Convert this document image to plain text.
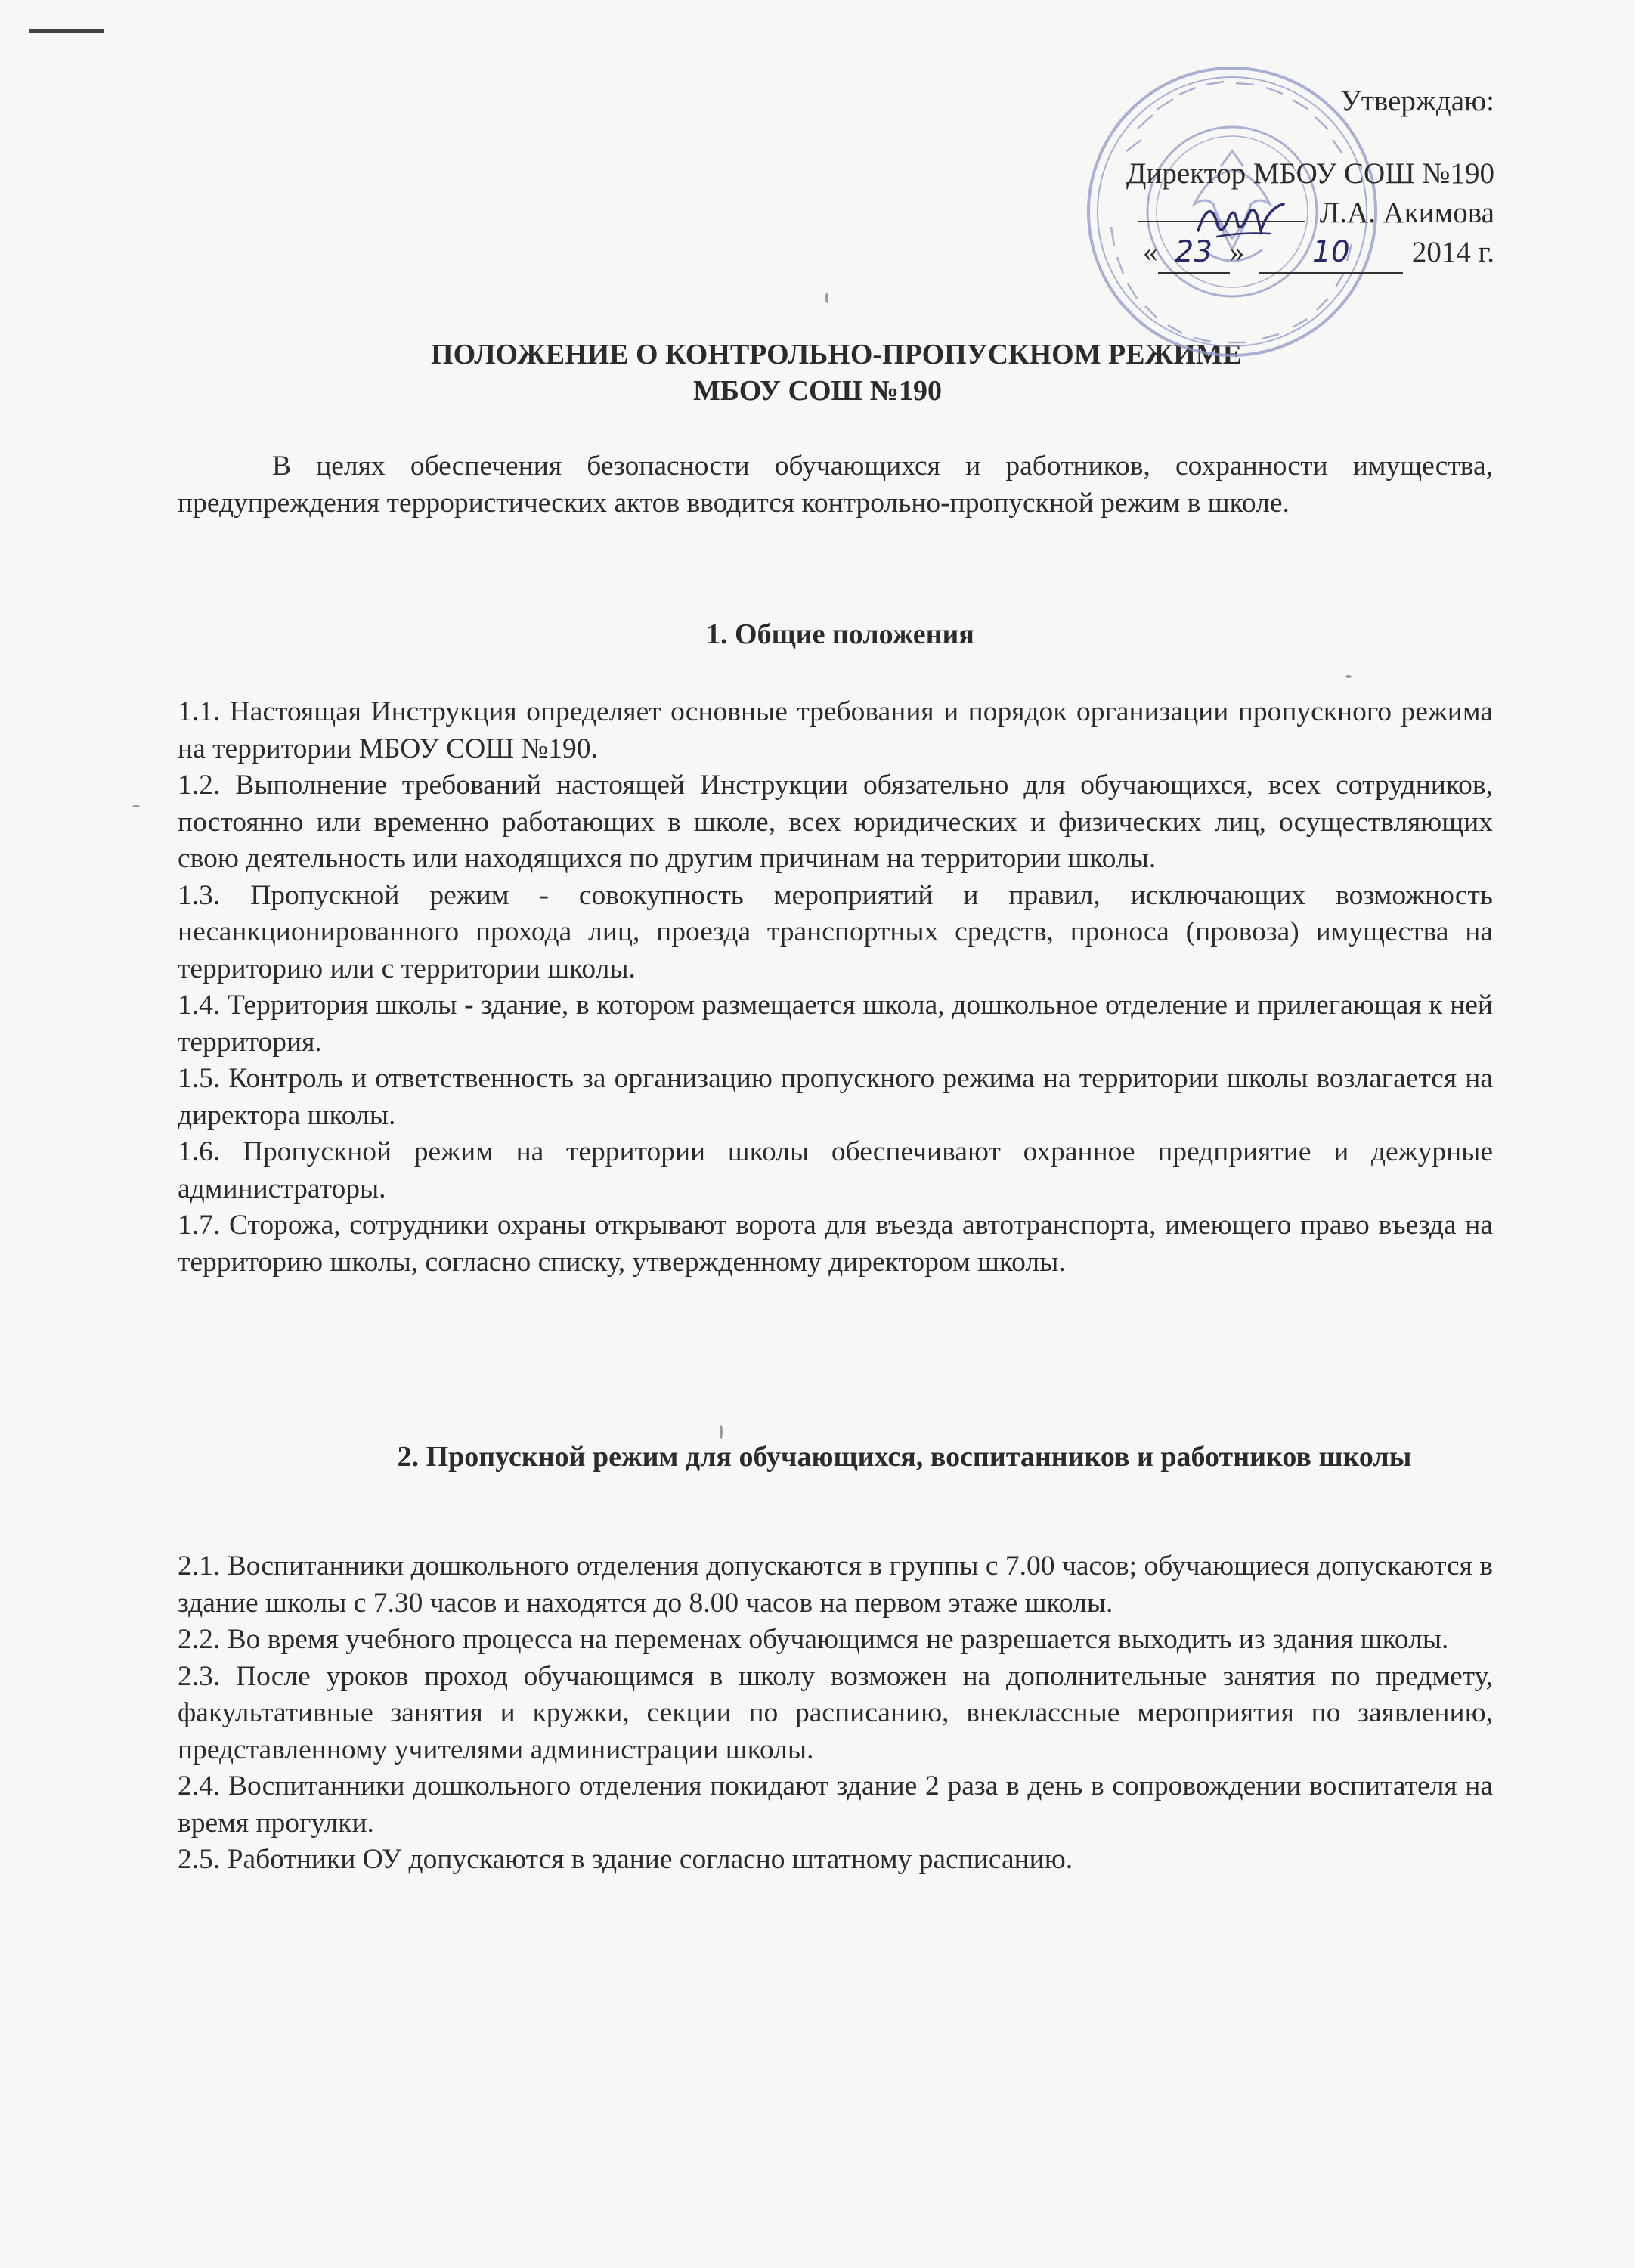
Утверждаю:
Директор МБОУ СОШ №190
Л.А. Акимова
« 23 » 10 2014 г.
ПОЛОЖЕНИЕ О КОНТРОЛЬНО-ПРОПУСКНОМ РЕЖИМЕ
МБОУ СОШ №190
В целях обеспечения безопасности обучающихся и работников, сохранности имущества, предупреждения террористических актов вводится контрольно-пропускной режим в школе.
1. Общие положения

1.1. Настоящая Инструкция определяет основные требования и порядок организации пропускного режима на территории МБОУ СОШ №190.

1.2. Выполнение требований настоящей Инструкции обязательно для обучающихся, всех сотрудников, постоянно или временно работающих в школе, всех юридических и физических лиц, осуществляющих свою деятельность или находящихся по другим причинам на территории школы.

1.3. Пропускной режим - совокупность мероприятий и правил, исключающих возможность несанкционированного прохода лиц, проезда транспортных средств, проноса (провоза) имущества на территорию или с территории школы.

1.4. Территория школы - здание, в котором размещается школа, дошкольное отделение и прилегающая к ней территория.

1.5. Контроль и ответственность за организацию пропускного режима на территории школы возлагается на директора школы.

1.6. Пропускной режим на территории школы обеспечивают охранное предприятие и дежурные администраторы.

1.7. Сторожа, сотрудники охраны открывают ворота для въезда автотранспорта, имеющего право въезда на территорию школы, согласно списку, утвержденному директором школы.

2. Пропускной режим для обучающихся, воспитанников и работников школы

2.1. Воспитанники дошкольного отделения допускаются в группы с 7.00 часов; обучающиеся допускаются в здание школы с 7.30 часов и находятся до 8.00 часов на первом этаже школы.

2.2. Во время учебного процесса на переменах обучающимся не разрешается выходить из здания школы.

2.3. После уроков проход обучающимся в школу возможен на дополнительные занятия по предмету, факультативные занятия и кружки, секции по расписанию, внеклассные мероприятия по заявлению, представленному учителями администрации школы.

2.4. Воспитанники дошкольного отделения покидают здание 2 раза в день в сопровождении воспитателя на время прогулки.

2.5. Работники ОУ допускаются в здание согласно штатному расписанию.
